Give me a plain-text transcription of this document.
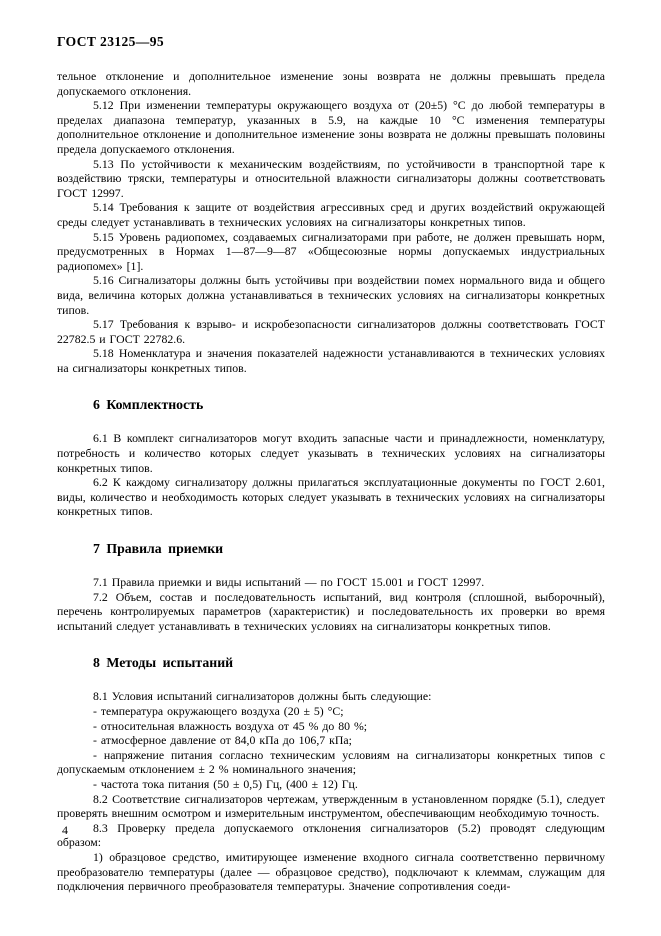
ГОСТ 23125—95

тельное отклонение и дополнительное изменение зоны возврата не должны превышать предела допускаемого отклонения.

5.12 При изменении температуры окружающего воздуха от (20±5) °С до любой температуры в пределах диапазона температур, указанных в 5.9, на каждые 10 °С изменения температуры дополнительное отклонение и дополнительное изменение зоны возврата не должны превышать половины предела допускаемого отклонения.

5.13 По устойчивости к механическим воздействиям, по устойчивости в транспортной таре к воздействию тряски, температуры и относительной влажности сигнализаторы должны соответствовать ГОСТ 12997.

5.14 Требования к защите от воздействия агрессивных сред и других воздействий окружающей среды следует устанавливать в технических условиях на сигнализаторы конкретных типов.

5.15 Уровень радиопомех, создаваемых сигнализаторами при работе, не должен превышать норм, предусмотренных в Нормах 1—87—9—87 «Общесоюзные нормы допускаемых индустриальных радиопомех» [1].

5.16 Сигнализаторы должны быть устойчивы при воздействии помех нормального вида и общего вида, величина которых должна устанавливаться в технических условиях на сигнализаторы конкретных типов.

5.17 Требования к взрыво- и искробезопасности сигнализаторов должны соответствовать ГОСТ 22782.5 и ГОСТ 22782.6.

5.18 Номенклатура и значения показателей надежности устанавливаются в технических условиях на сигнализаторы конкретных типов.

6 Комплектность

6.1 В комплект сигнализаторов могут входить запасные части и принадлежности, номенклатуру, потребность и количество которых следует указывать в технических условиях на сигнализаторы конкретных типов.

6.2 К каждому сигнализатору должны прилагаться эксплуатационные документы по ГОСТ 2.601, виды, количество и необходимость которых следует указывать в технических условиях на сигнализаторы конкретных типов.

7 Правила приемки

7.1 Правила приемки и виды испытаний — по ГОСТ 15.001 и ГОСТ 12997.

7.2 Объем, состав и последовательность испытаний, вид контроля (сплошной, выборочный), перечень контролируемых параметров (характеристик) и последовательность их проверки во время испытаний следует устанавливать в технических условиях на сигнализаторы конкретных типов.

8 Методы испытаний

8.1 Условия испытаний сигнализаторов должны быть следующие:

- температура окружающего воздуха (20 ± 5) °С;

- относительная влажность воздуха от 45 % до 80 %;

- атмосферное давление от 84,0 кПа до 106,7 кПа;

- напряжение питания согласно техническим условиям на сигнализаторы конкретных типов с допускаемым отклонением ± 2 % номинального значения;

- частота тока питания (50 ± 0,5) Гц, (400 ± 12) Гц.

8.2 Соответствие сигнализаторов чертежам, утвержденным в установленном порядке (5.1), следует проверять внешним осмотром и измерительным инструментом, обеспечивающим необходимую точность.

8.3 Проверку предела допускаемого отклонения сигнализаторов (5.2) проводят следующим образом:

1) образцовое средство, имитирующее изменение входного сигнала соответственно первичному преобразователю температуры (далее — образцовое средство), подключают к клеммам, служащим для подключения первичного преобразователя температуры. Значение сопротивления соеди-

4
